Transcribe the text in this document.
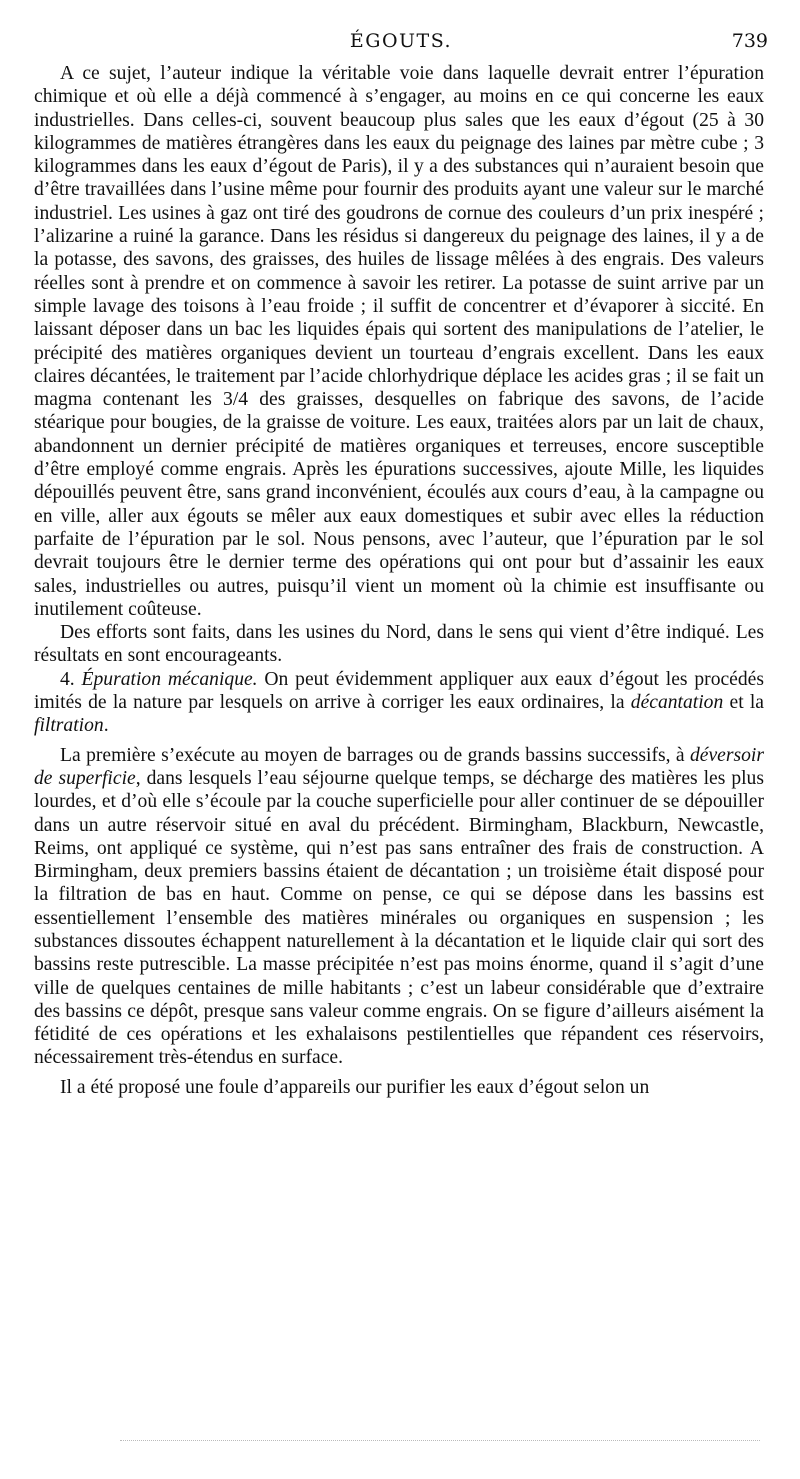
ÉGOUTS.	739

A ce sujet, l’auteur indique la véritable voie dans laquelle devrait entrer l’épuration chimique et où elle a déjà commencé à s’engager, au moins en ce qui concerne les eaux industrielles. Dans celles-ci, souvent beaucoup plus sales que les eaux d’égout (25 à 30 kilogrammes de matières étrangères dans les eaux du peignage des laines par mètre cube ; 3 kilogrammes dans les eaux d’égout de Paris), il y a des substances qui n’auraient besoin que d’être travaillées dans l’usine même pour fournir des produits ayant une valeur sur le marché industriel. Les usines à gaz ont tiré des goudrons de cornue des couleurs d’un prix inespéré ; l’alizarine a ruiné la garance. Dans les résidus si dangereux du peignage des laines, il y a de la potasse, des savons, des graisses, des huiles de lissage mêlées à des engrais. Des valeurs réelles sont à prendre et on commence à savoir les retirer. La potasse de suint arrive par un simple lavage des toisons à l’eau froide ; il suffit de concentrer et d’évaporer à siccité. En laissant déposer dans un bac les liquides épais qui sortent des manipulations de l’atelier, le précipité des matières organiques devient un tourteau d’engrais excellent. Dans les eaux claires décantées, le traitement par l’acide chlorhydrique déplace les acides gras ; il se fait un magma contenant les 3/4 des graisses, desquelles on fabrique des savons, de l’acide stéarique pour bougies, de la graisse de voiture. Les eaux, traitées alors par un lait de chaux, abandonnent un dernier précipité de matières organiques et terreuses, encore susceptible d’être employé comme engrais. Après les épurations successives, ajoute Mille, les liquides dépouillés peuvent être, sans grand inconvénient, écoulés aux cours d’eau, à la campagne ou en ville, aller aux égouts se mêler aux eaux domestiques et subir avec elles la réduction parfaite de l’épuration par le sol. Nous pensons, avec l’auteur, que l’épuration par le sol devrait toujours être le dernier terme des opérations qui ont pour but d’assainir les eaux sales, industrielles ou autres, puisqu’il vient un moment où la chimie est insuffisante ou inutilement coûteuse.

Des efforts sont faits, dans les usines du Nord, dans le sens qui vient d’être indiqué. Les résultats en sont encourageants.

4. Épuration mécanique. On peut évidemment appliquer aux eaux d’égout les procédés imités de la nature par lesquels on arrive à corriger les eaux ordinaires, la décantation et la filtration.

La première s’exécute au moyen de barrages ou de grands bassins successifs, à déversoir de superficie, dans lesquels l’eau séjourne quelque temps, se décharge des matières les plus lourdes, et d’où elle s’écoule par la couche superficielle pour aller continuer de se dépouiller dans un autre réservoir situé en aval du précédent. Birmingham, Blackburn, Newcastle, Reims, ont appliqué ce système, qui n’est pas sans entraîner des frais de construction. A Birmingham, deux premiers bassins étaient de décantation ; un troisième était disposé pour la filtration de bas en haut. Comme on pense, ce qui se dépose dans les bassins est essentiellement l’ensemble des matières minérales ou organiques en suspension ; les substances dissoutes échappent naturellement à la décantation et le liquide clair qui sort des bassins reste putrescible. La masse précipitée n’est pas moins énorme, quand il s’agit d’une ville de quelques centaines de mille habitants ; c’est un labeur considérable que d’extraire des bassins ce dépôt, presque sans valeur comme engrais. On se figure d’ailleurs aisément la fétidité de ces opérations et les exhalaisons pestilentielles que répandent ces réservoirs, nécessairement très-étendus en surface.

Il a été proposé une foule d’appareils our purifier les eaux d’égout selon un
